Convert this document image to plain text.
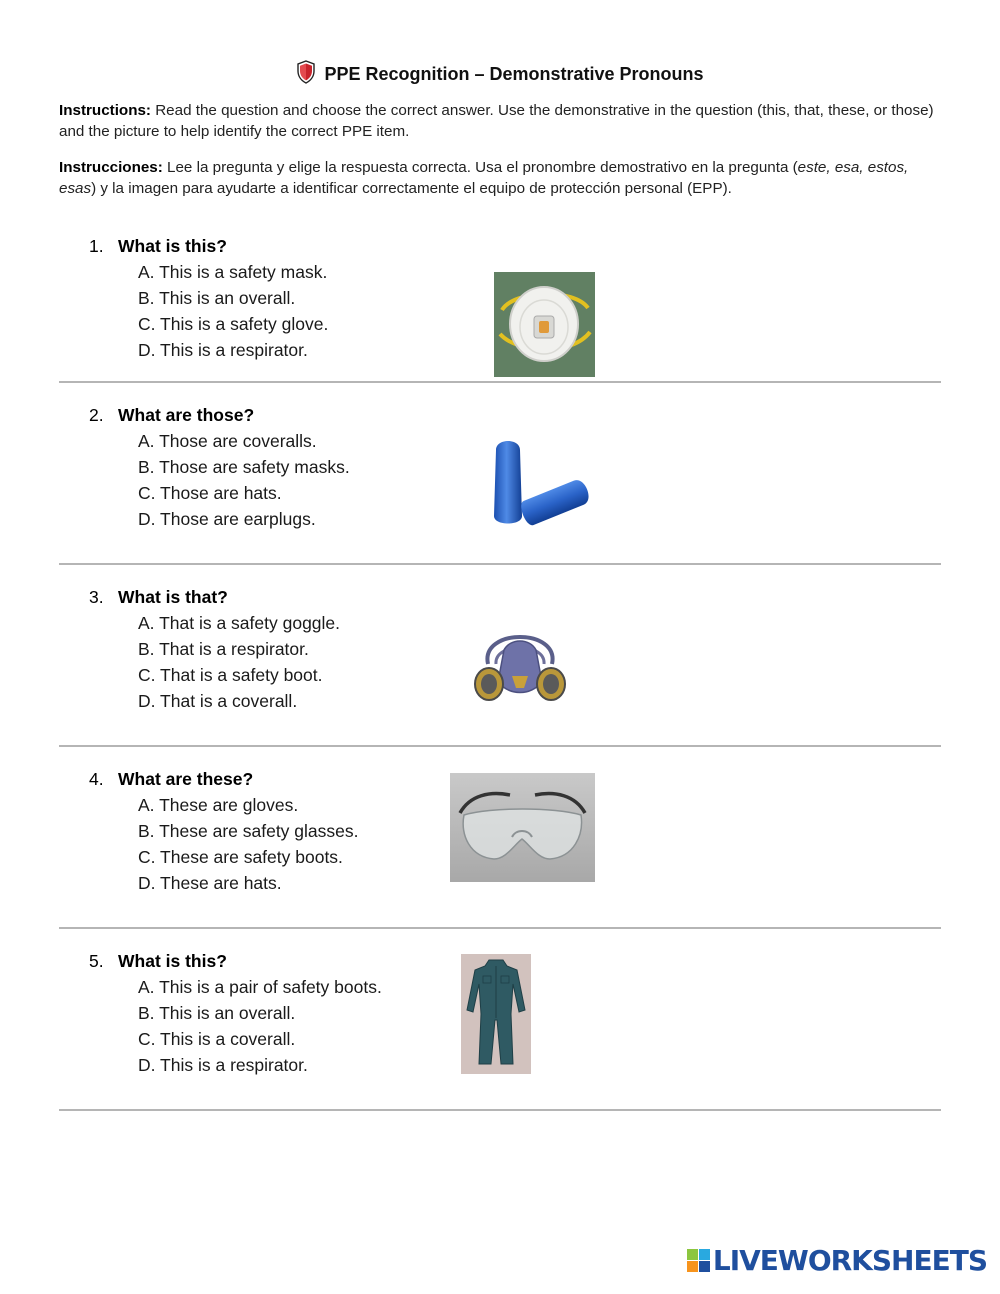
PPE Recognition – Demonstrative Pronouns
Instructions: Read the question and choose the correct answer. Use the demonstrative in the question (this, that, these, or those) and the picture to help identify the correct PPE item.
Instrucciones: Lee la pregunta y elige la respuesta correcta. Usa el pronombre demostrativo en la pregunta (este, esa, estos, esas) y la imagen para ayudarte a identificar correctamente el equipo de protección personal (EPP).
1. What is this?
A. This is a safety mask.
B. This is an overall.
C. This is a safety glove.
D. This is a respirator.
2. What are those?
A. Those are coveralls.
B. Those are safety masks.
C. Those are hats.
D. Those are earplugs.
3. What is that?
A. That is a safety goggle.
B. That is a respirator.
C. That is a safety boot.
D. That is a coverall.
4. What are these?
A. These are gloves.
B. These are safety glasses.
C. These are safety boots.
D. These are hats.
5. What is this?
A. This is a pair of safety boots.
B. This is an overall.
C. This is a coverall.
D. This is a respirator.
LIVEWORKSHEETS
